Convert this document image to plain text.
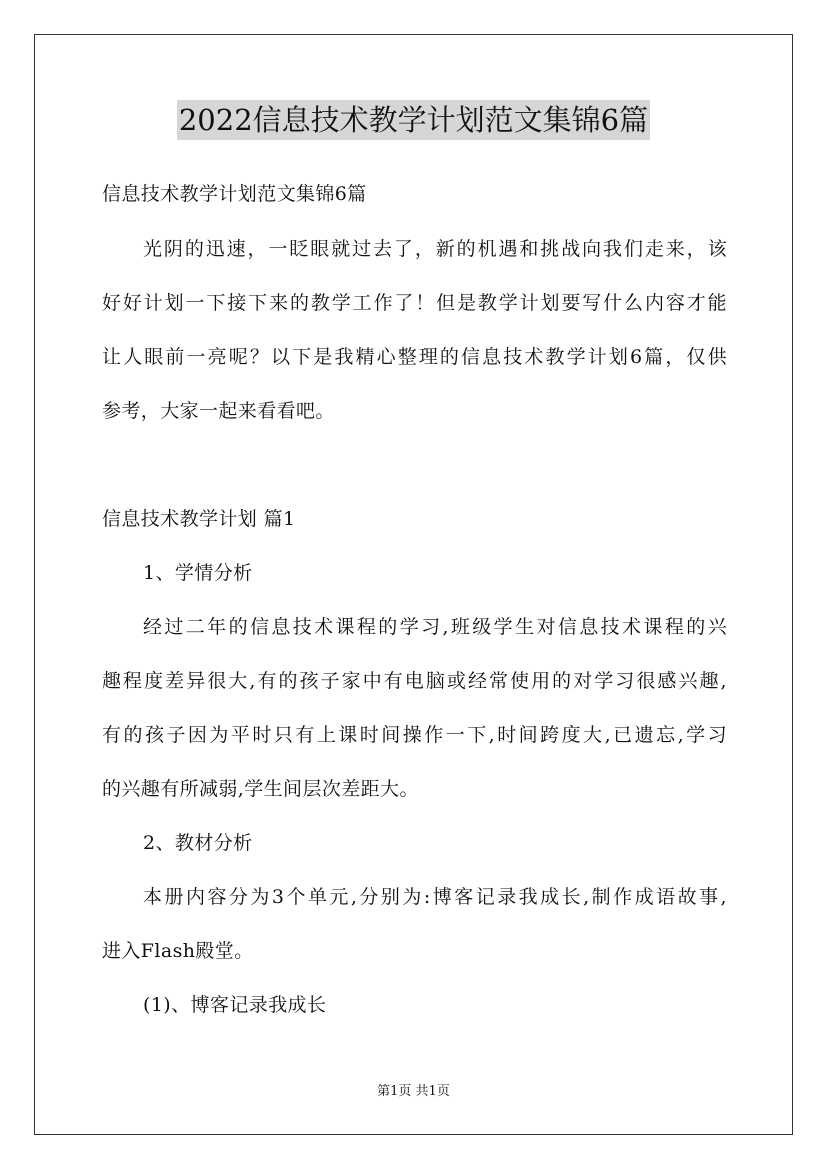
2022信息技术教学计划范文集锦6篇
信息技术教学计划范文集锦6篇
光阴的迅速，一眨眼就过去了，新的机遇和挑战向我们走来，该
好好计划一下接下来的教学工作了！但是教学计划要写什么内容才能
让人眼前一亮呢？以下是我精心整理的信息技术教学计划6篇，仅供
参考，大家一起来看看吧。
信息技术教学计划 篇1
1、学情分析
经过二年的信息技术课程的学习,班级学生对信息技术课程的兴
趣程度差异很大,有的孩子家中有电脑或经常使用的对学习很感兴趣,
有的孩子因为平时只有上课时间操作一下,时间跨度大,已遗忘,学习
的兴趣有所减弱,学生间层次差距大。
2、教材分析
本册内容分为3个单元,分别为:博客记录我成长,制作成语故事,
进入Flash殿堂。
(1)、博客记录我成长
第1页 共1页
